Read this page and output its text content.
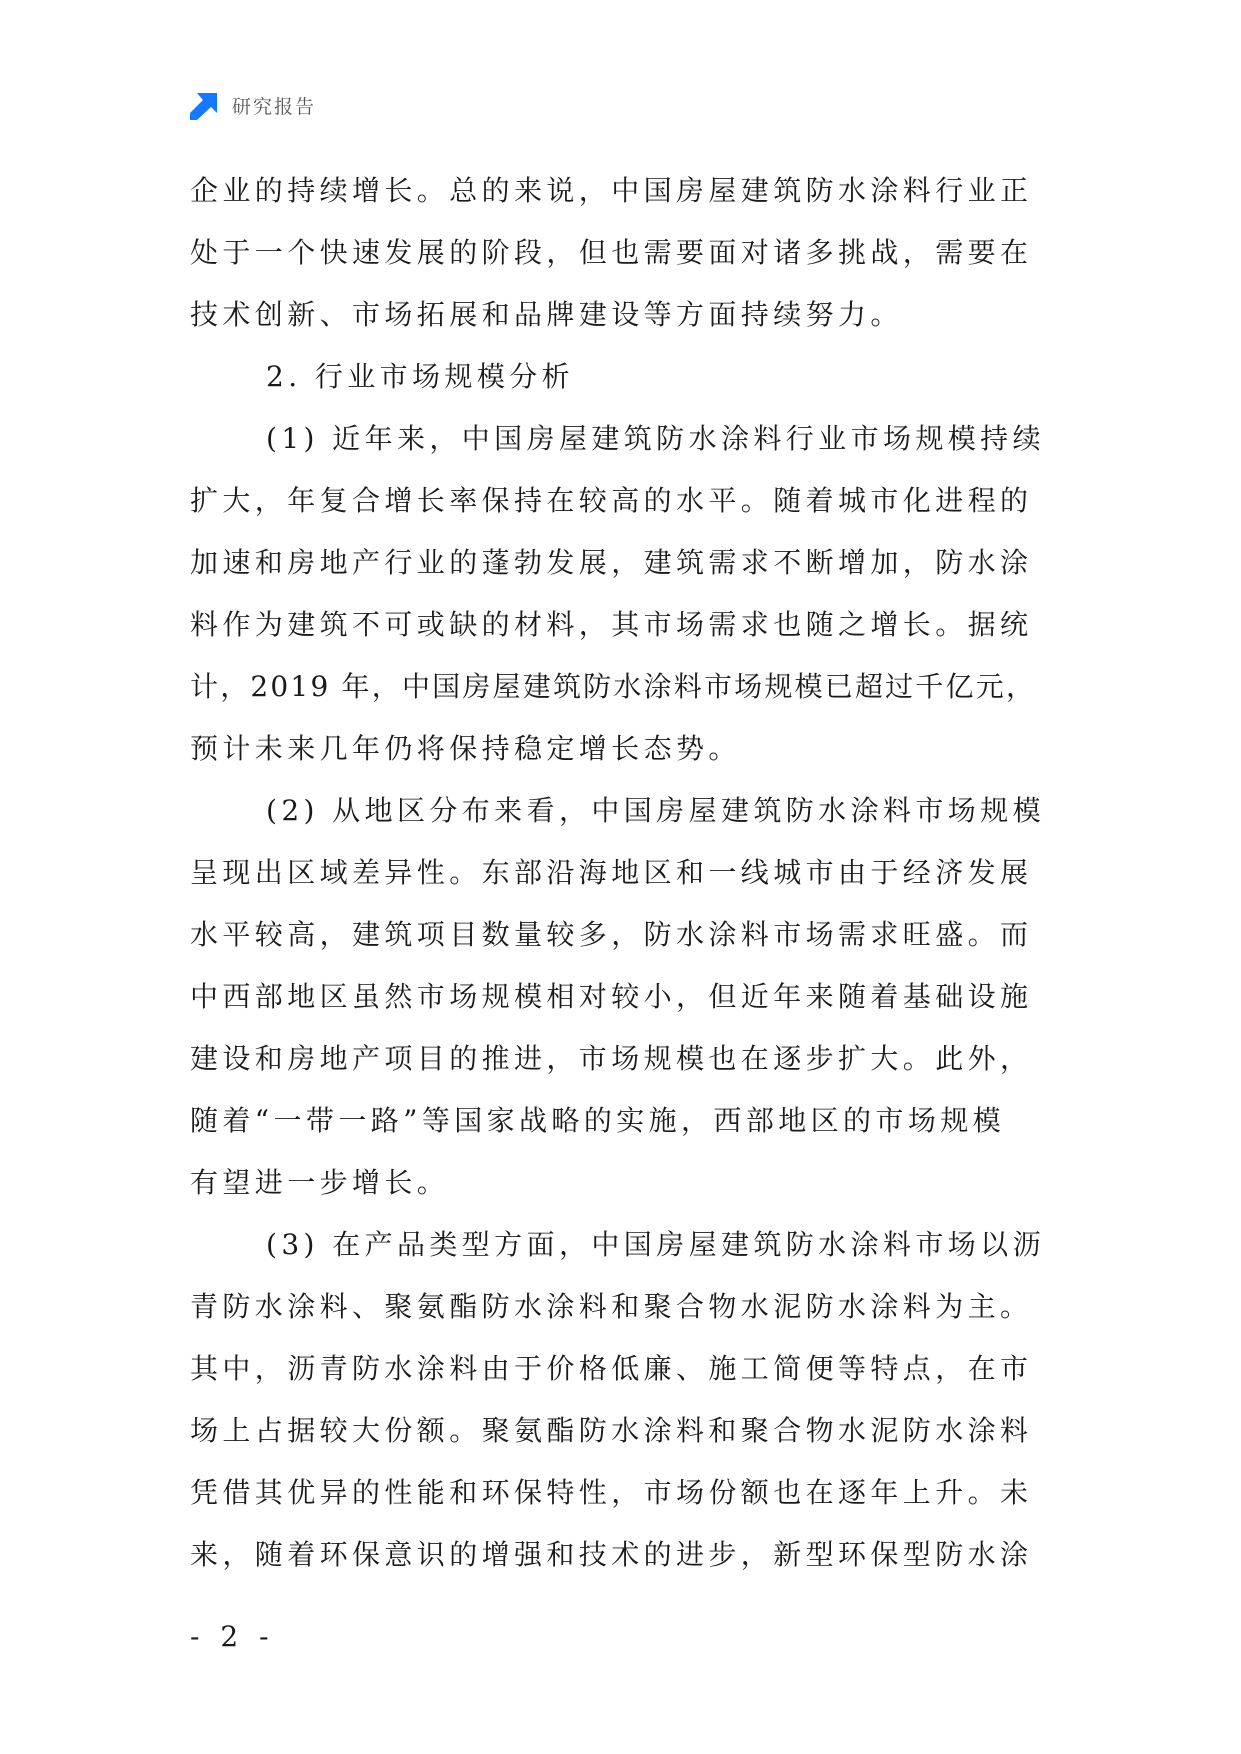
研究报告
企业的持续增长。总的来说，中国房屋建筑防水涂料行业正
处于一个快速发展的阶段，但也需要面对诸多挑战，需要在
技术创新、市场拓展和品牌建设等方面持续努力。
2. 行业市场规模分析
(1) 近年来，中国房屋建筑防水涂料行业市场规模持续
扩大，年复合增长率保持在较高的水平。随着城市化进程的
加速和房地产行业的蓬勃发展，建筑需求不断增加，防水涂
料作为建筑不可或缺的材料，其市场需求也随之增长。据统
计，2019 年，中国房屋建筑防水涂料市场规模已超过千亿元，
预计未来几年仍将保持稳定增长态势。
(2) 从地区分布来看，中国房屋建筑防水涂料市场规模
呈现出区域差异性。东部沿海地区和一线城市由于经济发展
水平较高，建筑项目数量较多，防水涂料市场需求旺盛。而
中西部地区虽然市场规模相对较小，但近年来随着基础设施
建设和房地产项目的推进，市场规模也在逐步扩大。此外，
随着“一带一路”等国家战略的实施，西部地区的市场规模
有望进一步增长。
(3) 在产品类型方面，中国房屋建筑防水涂料市场以沥
青防水涂料、聚氨酯防水涂料和聚合物水泥防水涂料为主。
其中，沥青防水涂料由于价格低廉、施工简便等特点，在市
场上占据较大份额。聚氨酯防水涂料和聚合物水泥防水涂料
凭借其优异的性能和环保特性，市场份额也在逐年上升。未
来，随着环保意识的增强和技术的进步，新型环保型防水涂
- 2 -
